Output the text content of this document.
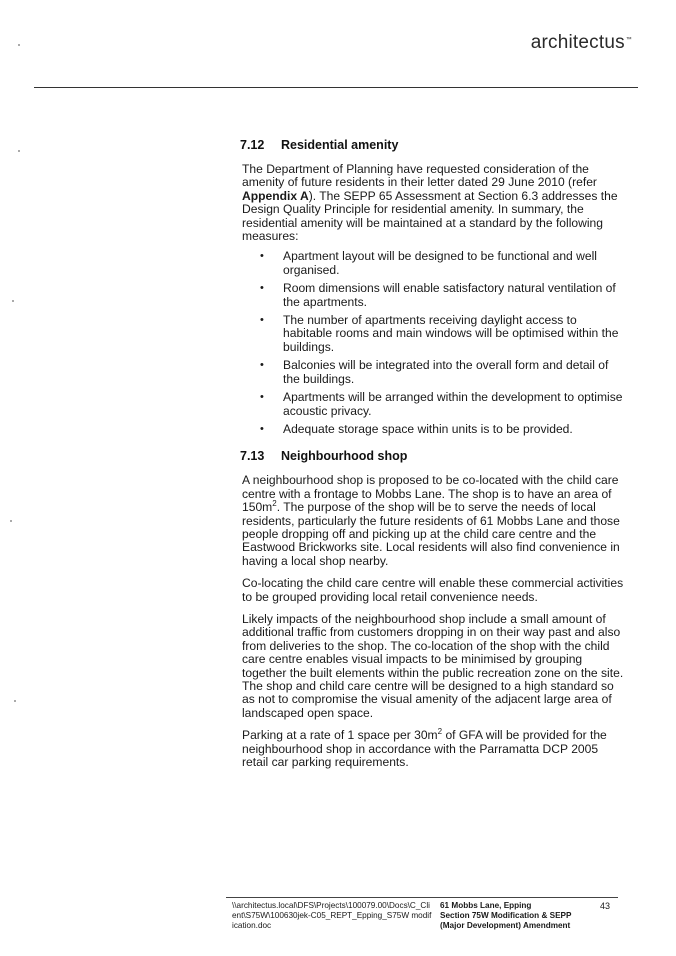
architectus™
7.12 Residential amenity

The Department of Planning have requested consideration of the amenity of future residents in their letter dated 29 June 2010 (refer Appendix A). The SEPP 65 Assessment at Section 6.3 addresses the Design Quality Principle for residential amenity. In summary, the residential amenity will be maintained at a standard by the following measures:

• Apartment layout will be designed to be functional and well organised.
• Room dimensions will enable satisfactory natural ventilation of the apartments.
• The number of apartments receiving daylight access to habitable rooms and main windows will be optimised within the buildings.
• Balconies will be integrated into the overall form and detail of the buildings.
• Apartments will be arranged within the development to optimise acoustic privacy.
• Adequate storage space within units is to be provided.
7.13 Neighbourhood shop

A neighbourhood shop is proposed to be co-located with the child care centre with a frontage to Mobbs Lane. The shop is to have an area of $150m^2$. The purpose of the shop will be to serve the needs of local residents, particularly the future residents of 61 Mobbs Lane and those people dropping off and picking up at the child care centre and the Eastwood Brickworks site. Local residents will also find convenience in having a local shop nearby.

Co-locating the child care centre will enable these commercial activities to be grouped providing local retail convenience needs.

Likely impacts of the neighbourhood shop include a small amount of additional traffic from customers dropping in on their way past and also from deliveries to the shop. The co-location of the shop with the child care centre enables visual impacts to be minimised by grouping together the built elements within the public recreation zone on the site. The shop and child care centre will be designed to a high standard so as not to compromise the visual amenity of the adjacent large area of landscaped open space.

Parking at a rate of 1 space per $30m^2$ of GFA will be provided for the neighbourhood shop in accordance with the Parramatta DCP 2005 retail car parking requirements.

\\architectus.local\DFS\Projects\100079.00\Docs\C_Client\S75W\100630jek-C05_REPT_Epping_S75W modification.doc
61 Mobbs Lane, Epping
Section 75W Modification & SEPP
(Major Development) Amendment
43
